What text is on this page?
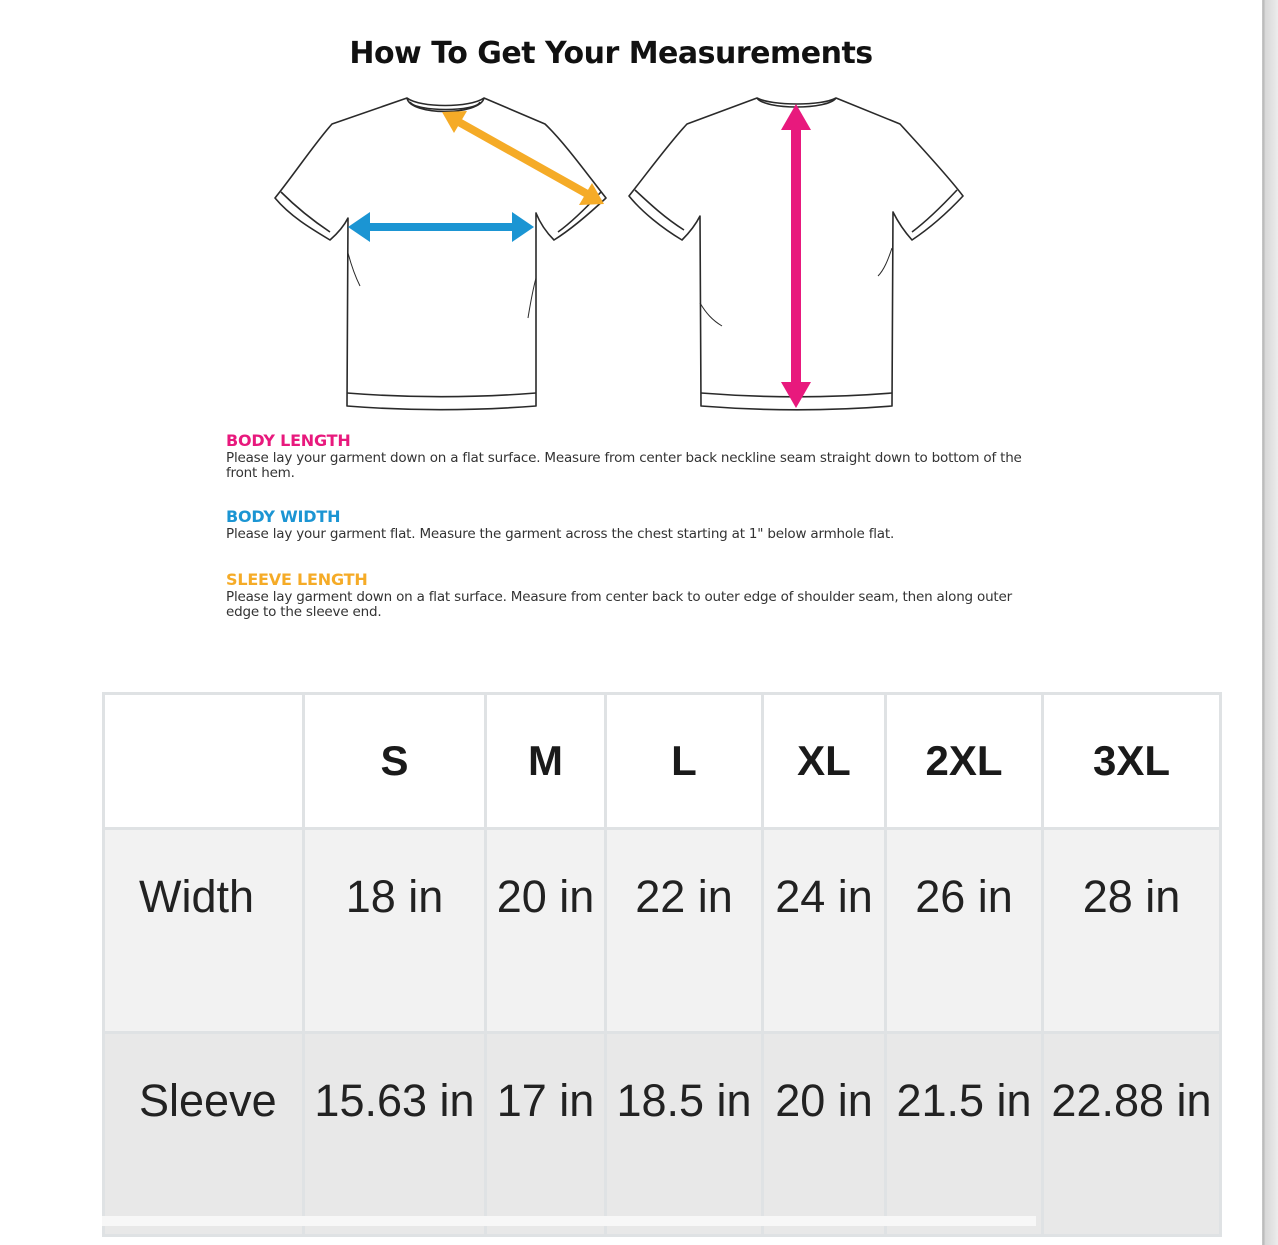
How To Get Your Measurements
BODY LENGTH

Please lay your garment down on a flat surface. Measure from center back neckline seam straight down to bottom of the front hem.

BODY WIDTH

Please lay your garment flat. Measure the garment across the chest starting at 1" below armhole flat.

SLEEVE LENGTH

Please lay garment down on a flat surface. Measure from center back to outer edge of shoulder seam, then along outer edge to the sleeve end.

	S	M	L	XL	2XL	3XL
Width	18 in	20 in	22 in	24 in	26 in	28 in
Sleeve	15.63 in	17 in	18.5 in	20 in	21.5 in	22.88 in
